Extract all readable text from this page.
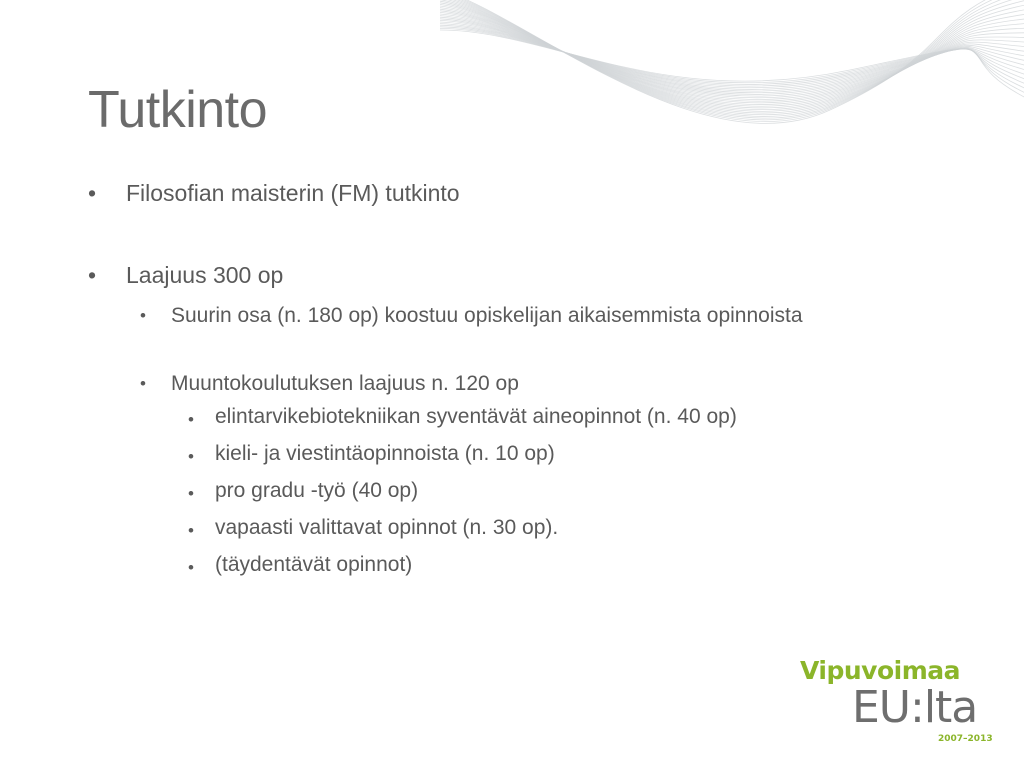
Tutkinto
• Filosofian maisterin (FM) tutkinto
• Laajuus 300 op
• Suurin osa (n. 180 op) koostuu opiskelijan aikaisemmista opinnoista
• Muuntokoulutuksen laajuus n. 120 op
• elintarvikebiotekniikan syventävät aineopinnot (n. 40 op)
• kieli- ja viestintäopinnoista (n. 10 op)
• pro gradu -työ (40 op)
• vapaasti valittavat opinnot (n. 30 op).
• (täydentävät opinnot)
Vipuvoimaa
EU:lta
2007–2013
